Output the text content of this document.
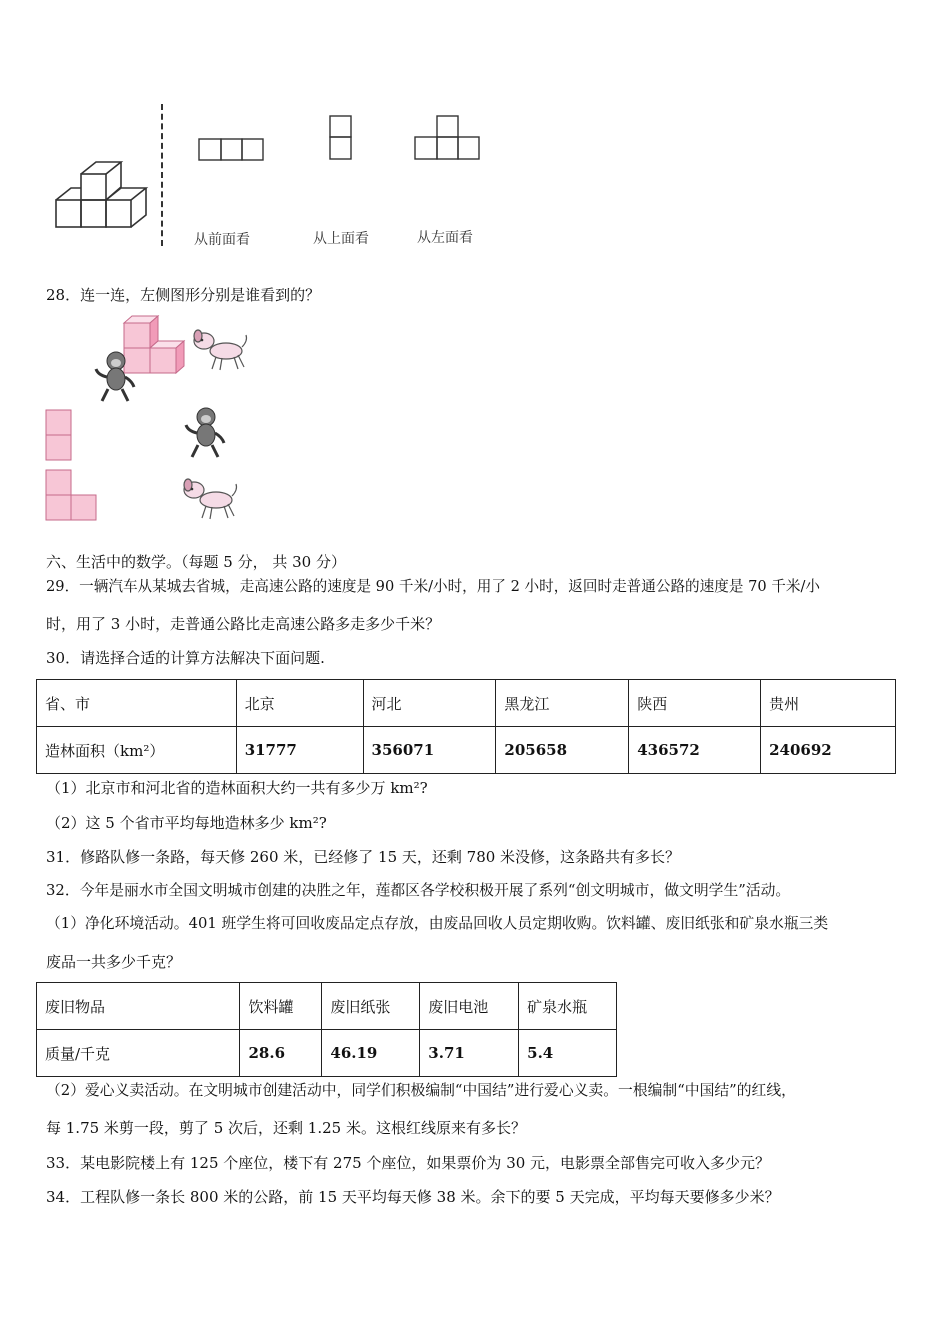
从前面看	从上面看	从左面看
28．连一连，左侧图形分别是谁看到的？
六、生活中的数学。（每题 5 分， 共 30 分）
29．一辆汽车从某城去省城，走高速公路的速度是 90 千米/小时，用了 2 小时，返回时走普通公路的速度是 70 千米/小
时，用了 3 小时，走普通公路比走高速公路多走多少千米？
30．请选择合适的计算方法解决下面问题.
省、市	北京	河北	黑龙江	陕西	贵州
造林面积（km²）	31777	356071	205658	436572	240692
（1）北京市和河北省的造林面积大约一共有多少万 km²?
（2）这 5 个省市平均每地造林多少 km²?
31．修路队修一条路，每天修 260 米，已经修了 15 天，还剩 780 米没修，这条路共有多长？
32．今年是丽水市全国文明城市创建的决胜之年，莲都区各学校积极开展了系列“创文明城市，做文明学生”活动。
（1）净化环境活动。401 班学生将可回收废品定点存放，由废品回收人员定期收购。饮料罐、废旧纸张和矿泉水瓶三类
废品一共多少千克？
废旧物品	饮料罐	废旧纸张	废旧电池	矿泉水瓶
质量/千克	28.6	46.19	3.71	5.4
（2）爱心义卖活动。在文明城市创建活动中，同学们积极编制“中国结”进行爱心义卖。一根编制“中国结”的红线，
每 1.75 米剪一段，剪了 5 次后，还剩 1.25 米。这根红线原来有多长？
33．某电影院楼上有 125 个座位，楼下有 275 个座位，如果票价为 30 元，电影票全部售完可收入多少元？
34．工程队修一条长 800 米的公路，前 15 天平均每天修 38 米。余下的要 5 天完成，平均每天要修多少米？
